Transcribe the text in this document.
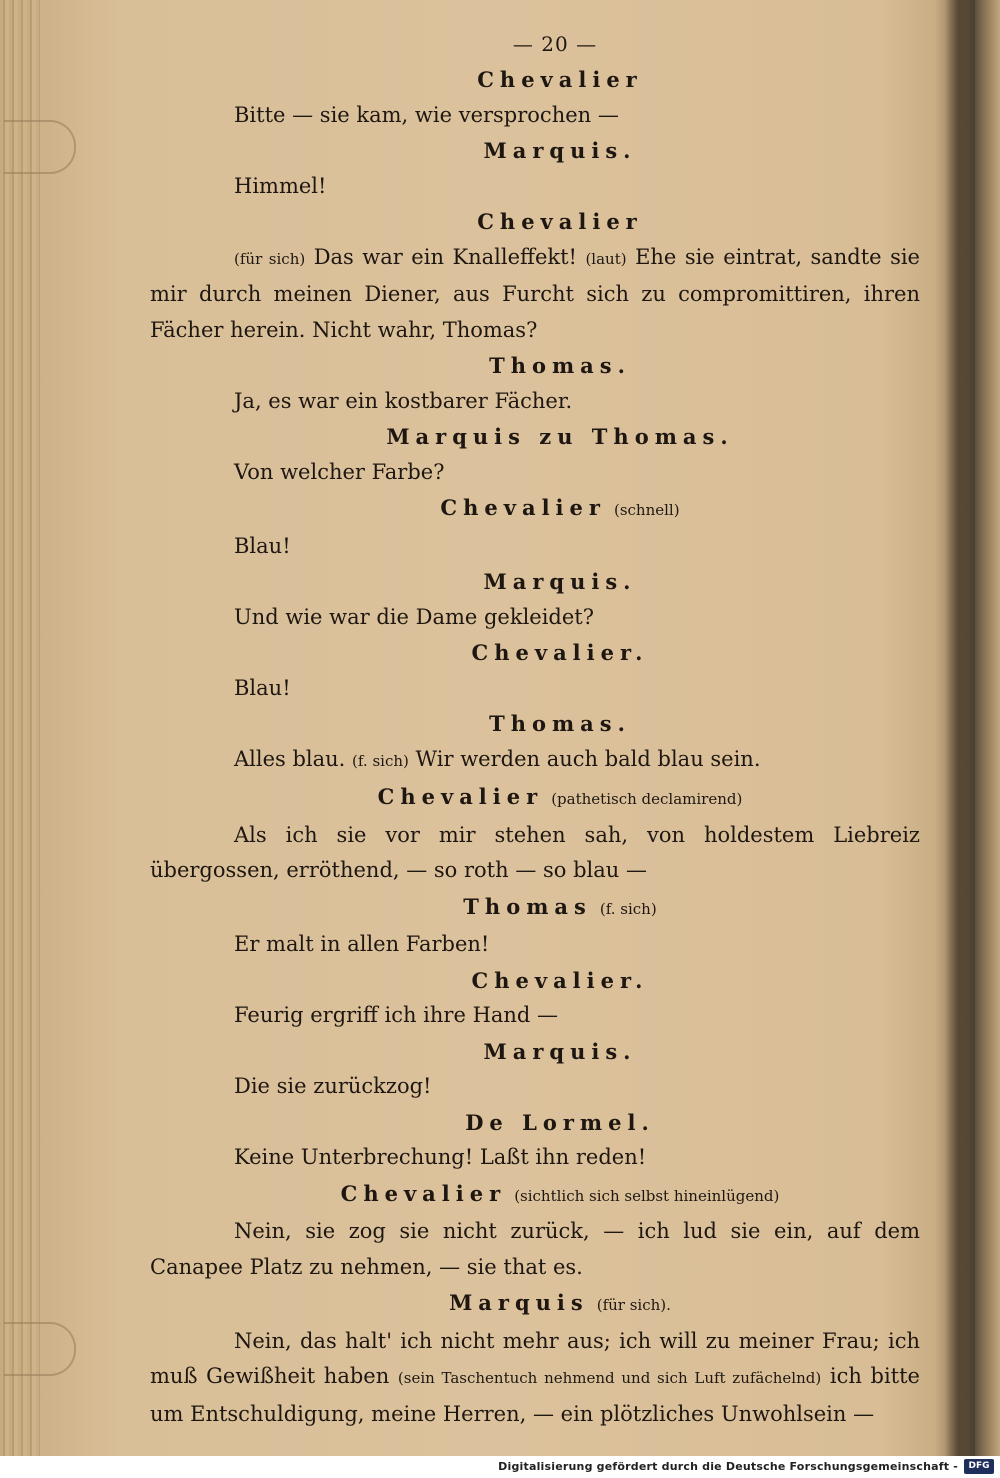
— 20 —
Chevalier
Bitte — sie kam, wie versprochen —
Marquis.
Himmel!
Chevalier
(für sich) Das war ein Knalleffekt! (laut) Ehe sie eintrat, sandte sie mir durch meinen Diener, aus Furcht sich zu compromittiren, ihren Fächer herein. Nicht wahr, Thomas?
Thomas.
Ja, es war ein kostbarer Fächer.
Marquis zu Thomas.
Von welcher Farbe?
Chevalier (schnell)
Blau!
Marquis.
Und wie war die Dame gekleidet?
Chevalier.
Blau!
Thomas.
Alles blau. (f. sich) Wir werden auch bald blau sein.
Chevalier (pathetisch declamirend)
Als ich sie vor mir stehen sah, von holdestem Liebreiz übergossen, erröthend, — so roth — so blau —
Thomas (f. sich)
Er malt in allen Farben!
Chevalier.
Feurig ergriff ich ihre Hand —
Marquis.
Die sie zurückzog!
De Lormel.
Keine Unterbrechung! Laßt ihn reden!
Chevalier (sichtlich sich selbst hineinlügend)
Nein, sie zog sie nicht zurück, — ich lud sie ein, auf dem Canapee Platz zu nehmen, — sie that es.
Marquis (für sich).
Nein, das halt' ich nicht mehr aus; ich will zu meiner Frau; ich muß Gewißheit haben (sein Taschentuch nehmend und sich Luft zufächelnd) ich bitte um Entschuldigung, meine Herren, — ein plötzliches Unwohlsein —
Digitalisierung gefördert durch die Deutsche Forschungsgemeinschaft -	DFG
